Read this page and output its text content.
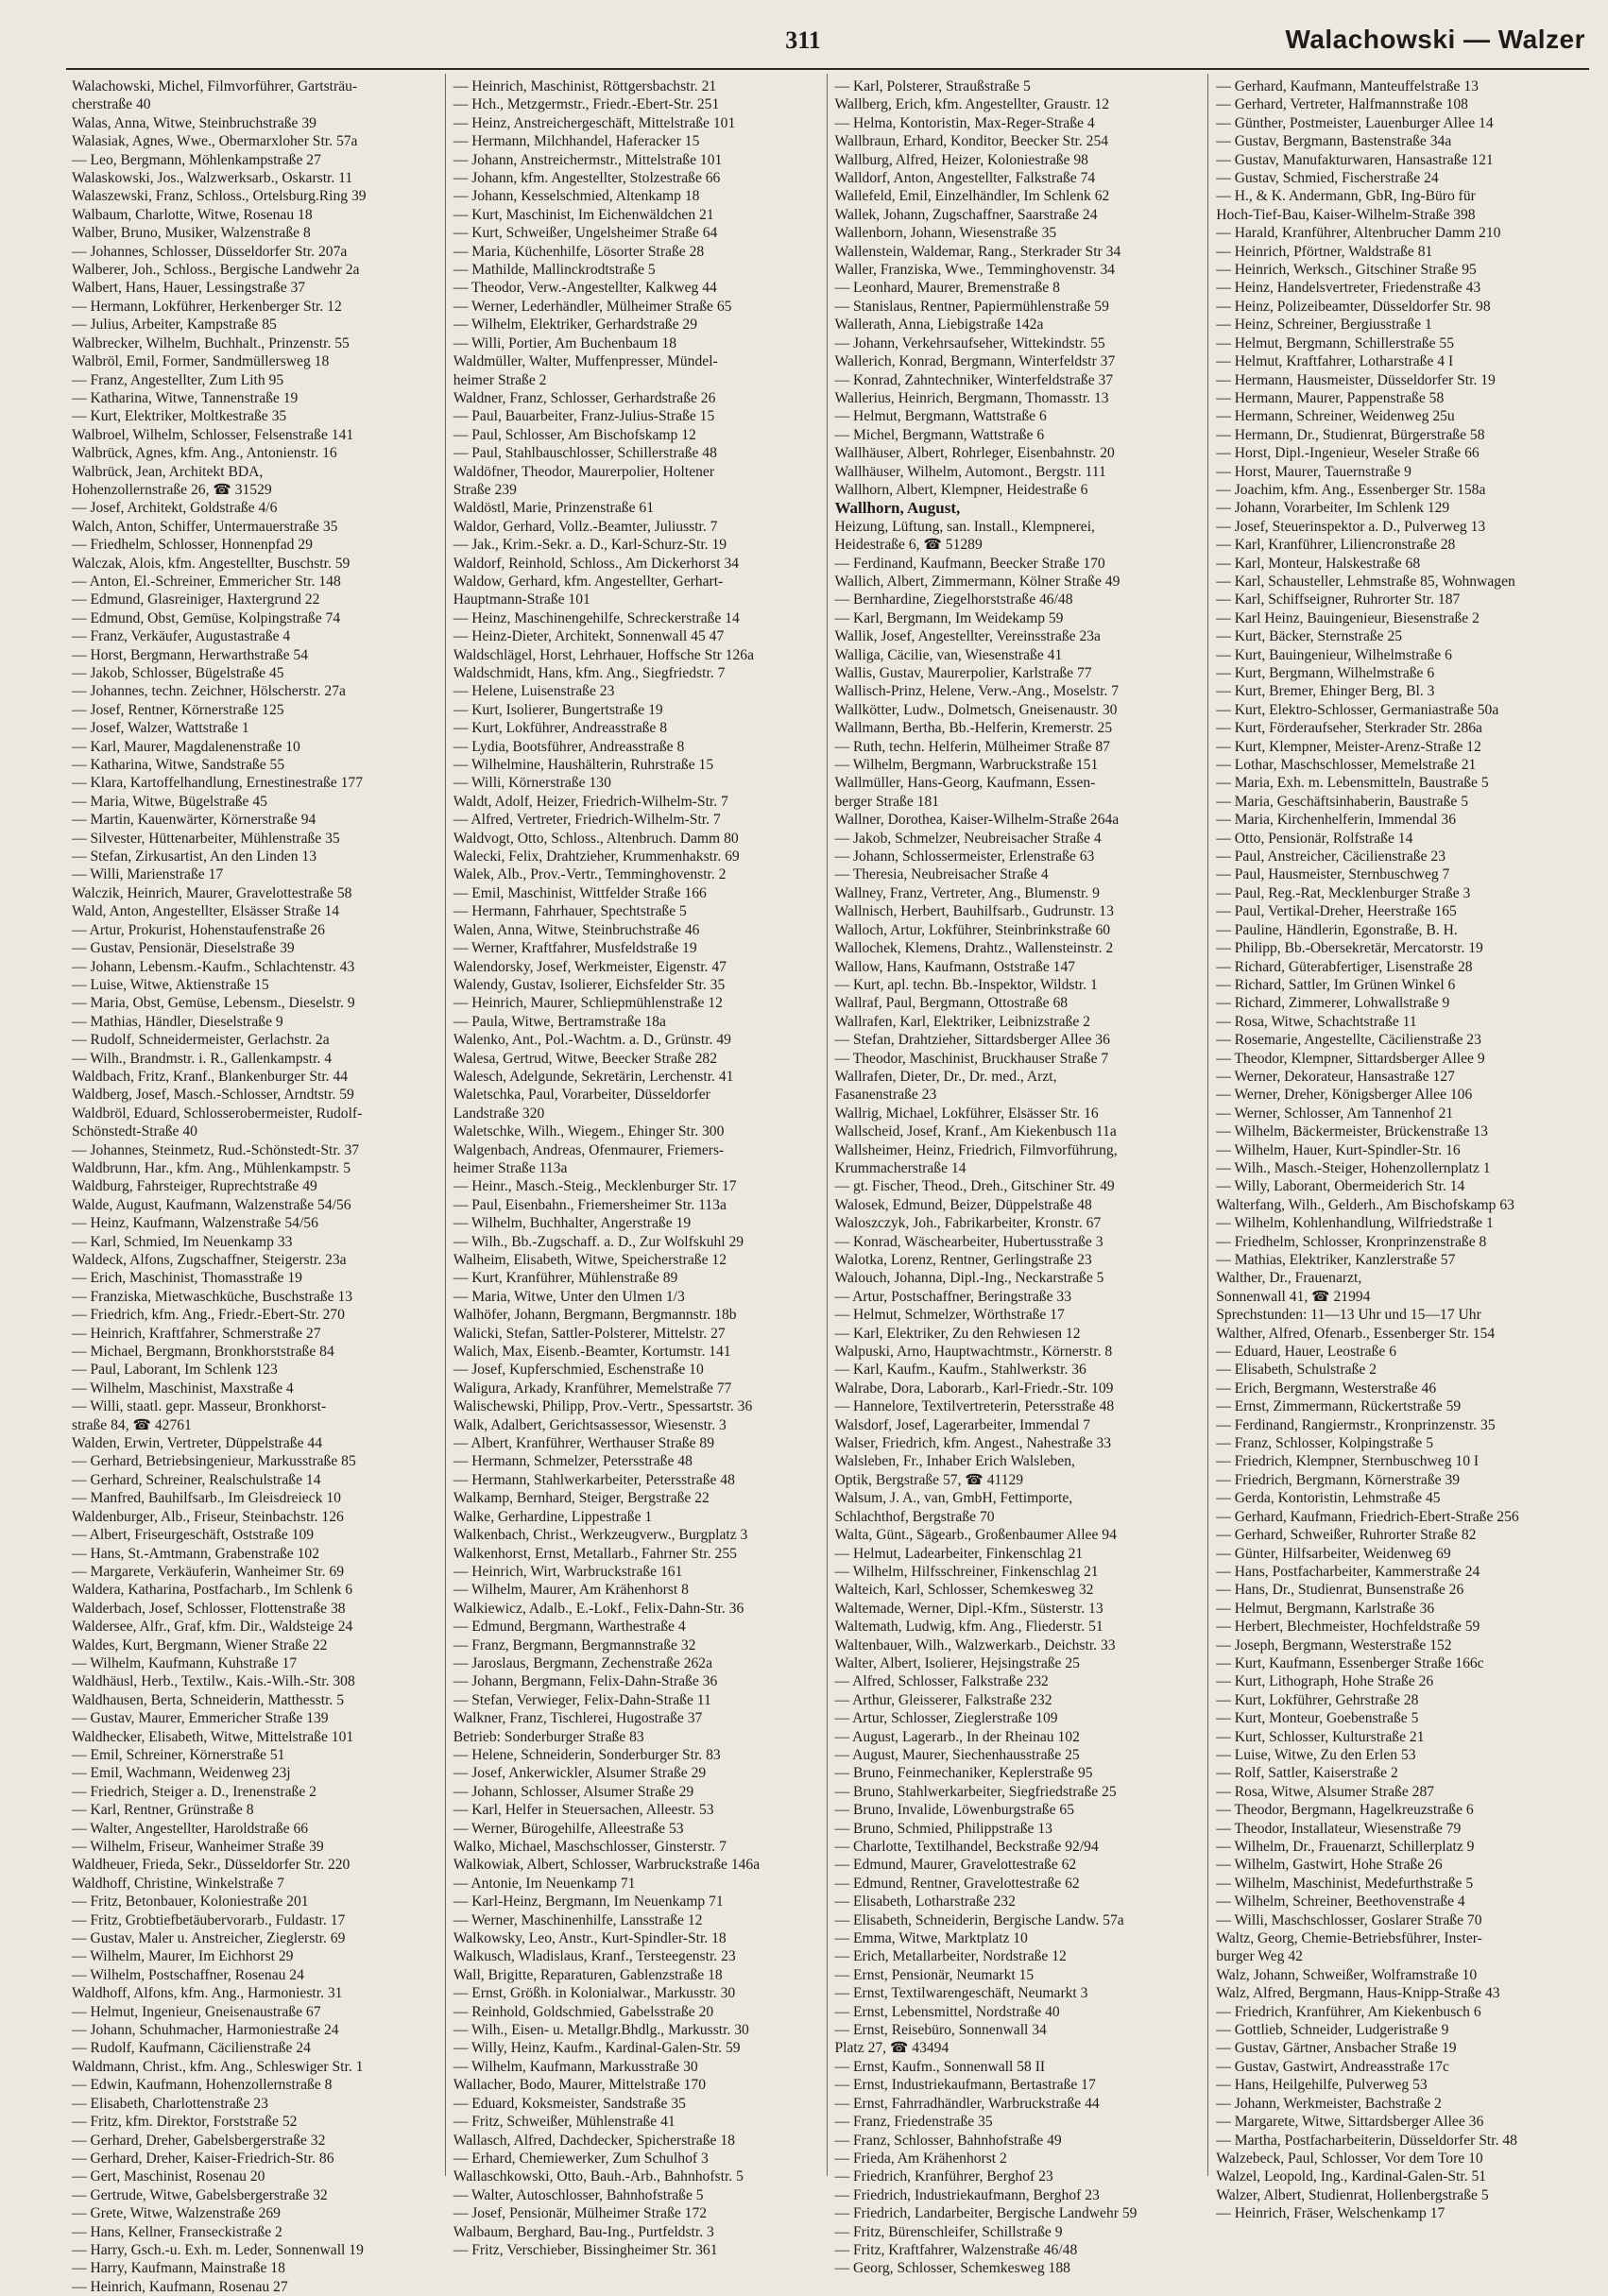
311	Walachowski — Walzer
Walachowski, Michel, Filmvorführer, Gartsträu-
cherstraße 40
Walas, Anna, Witwe, Steinbruchstraße 39
Walasiak, Agnes, Wwe., Obermarxloher Str. 57a
— Leo, Bergmann, Möhlenkampstraße 27
Walaskowski, Jos., Walzwerksarb., Oskarstr. 11
Walaszewski, Franz, Schloss., Ortelsburg.Ring 39
Walbaum, Charlotte, Witwe, Rosenau 18
Walber, Bruno, Musiker, Walzenstraße 8
— Johannes, Schlosser, Düsseldorfer Str. 207a
Walberer, Joh., Schloss., Bergische Landwehr 2a
Walbert, Hans, Hauer, Lessingstraße 37
— Hermann, Lokführer, Herkenberger Str. 12
— Julius, Arbeiter, Kampstraße 85
Walbrecker, Wilhelm, Buchhalt., Prinzenstr. 55
Walbröl, Emil, Former, Sandmüllersweg 18
— Franz, Angestellter, Zum Lith 95
— Katharina, Witwe, Tannenstraße 19
— Kurt, Elektriker, Moltkestraße 35
Walbroel, Wilhelm, Schlosser, Felsenstraße 141
Walbrück, Agnes, kfm. Ang., Antonienstr. 16
Walbrück, Jean, Architekt BDA,
Hohenzollernstraße 26, ☎ 31529
— Josef, Architekt, Goldstraße 4/6
Walch, Anton, Schiffer, Untermauerstraße 35
— Friedhelm, Schlosser, Honnenpfad 29
Walczak, Alois, kfm. Angestellter, Buschstr. 59
— Anton, El.-Schreiner, Emmericher Str. 148
— Edmund, Glasreiniger, Haxtergrund 22
— Edmund, Obst, Gemüse, Kolpingstraße 74
— Franz, Verkäufer, Augustastraße 4
— Horst, Bergmann, Herwarthstraße 54
— Jakob, Schlosser, Bügelstraße 45
— Johannes, techn. Zeichner, Hölscherstr. 27a
— Josef, Rentner, Körnerstraße 125
— Josef, Walzer, Wattstraße 1
— Karl, Maurer, Magdalenenstraße 10
— Katharina, Witwe, Sandstraße 55
— Klara, Kartoffelhandlung, Ernestinestraße 177
— Maria, Witwe, Bügelstraße 45
— Martin, Kauenwärter, Körnerstraße 94
— Silvester, Hüttenarbeiter, Mühlenstraße 35
— Stefan, Zirkusartist, An den Linden 13
— Willi, Marienstraße 17
Walczik, Heinrich, Maurer, Gravelottestraße 58
Wald, Anton, Angestellter, Elsässer Straße 14
— Artur, Prokurist, Hohenstaufenstraße 26
— Gustav, Pensionär, Dieselstraße 39
— Johann, Lebensm.-Kaufm., Schlachtenstr. 43
— Luise, Witwe, Aktienstraße 15
— Maria, Obst, Gemüse, Lebensm., Dieselstr. 9
— Mathias, Händler, Dieselstraße 9
— Rudolf, Schneidermeister, Gerlachstr. 2a
— Wilh., Brandmstr. i. R., Gallenkampstr. 4
Waldbach, Fritz, Kranf., Blankenburger Str. 44
Waldberg, Josef, Masch.-Schlosser, Arndtstr. 59
Waldbröl, Eduard, Schlosserobermeister, Rudolf-
Schönstedt-Straße 40
— Johannes, Steinmetz, Rud.-Schönstedt-Str. 37
Waldbrunn, Har., kfm. Ang., Mühlenkampstr. 5
Waldburg, Fahrsteiger, Ruprechtstraße 49
Walde, August, Kaufmann, Walzenstraße 54/56
— Heinz, Kaufmann, Walzenstraße 54/56
— Karl, Schmied, Im Neuenkamp 33
Waldeck, Alfons, Zugschaffner, Steigerstr. 23a
— Erich, Maschinist, Thomasstraße 19
— Franziska, Mietwaschküche, Buschstraße 13
— Friedrich, kfm. Ang., Friedr.-Ebert-Str. 270
— Heinrich, Kraftfahrer, Schmerstraße 27
— Michael, Bergmann, Bronkhorststraße 84
— Paul, Laborant, Im Schlenk 123
— Wilhelm, Maschinist, Maxstraße 4
— Willi, staatl. gepr. Masseur, Bronkhorst-
straße 84, ☎ 42761
Walden, Erwin, Vertreter, Düppelstraße 44
— Gerhard, Betriebsingenieur, Markusstraße 85
— Gerhard, Schreiner, Realschulstraße 14
— Manfred, Bauhilfsarb., Im Gleisdreieck 10
Waldenburger, Alb., Friseur, Steinbachstr. 126
— Albert, Friseurgeschäft, Oststraße 109
— Hans, St.-Amtmann, Grabenstraße 102
— Margarete, Verkäuferin, Wanheimer Str. 69
Waldera, Katharina, Postfacharb., Im Schlenk 6
Walderbach, Josef, Schlosser, Flottenstraße 38
Waldersee, Alfr., Graf, kfm. Dir., Waldsteige 24
Waldes, Kurt, Bergmann, Wiener Straße 22
— Wilhelm, Kaufmann, Kuhstraße 17
Waldhäusl, Herb., Textilw., Kais.-Wilh.-Str. 308
Waldhausen, Berta, Schneiderin, Matthesstr. 5
— Gustav, Maurer, Emmericher Straße 139
Waldhecker, Elisabeth, Witwe, Mittelstraße 101
— Emil, Schreiner, Körnerstraße 51
— Emil, Wachmann, Weidenweg 23j
— Friedrich, Steiger a. D., Irenenstraße 2
— Karl, Rentner, Grünstraße 8
— Walter, Angestellter, Haroldstraße 66
— Wilhelm, Friseur, Wanheimer Straße 39
Waldheuer, Frieda, Sekr., Düsseldorfer Str. 220
Waldhoff, Christine, Winkelstraße 7
— Fritz, Betonbauer, Koloniestraße 201
— Fritz, Grobtiefbetäubervorarb., Fuldastr. 17
— Gustav, Maler u. Anstreicher, Zieglerstr. 69
— Wilhelm, Maurer, Im Eichhorst 29
— Wilhelm, Postschaffner, Rosenau 24
Waldhoff, Alfons, kfm. Ang., Harmoniestr. 31
— Helmut, Ingenieur, Gneisenaustraße 67
— Johann, Schuhmacher, Harmoniestraße 24
— Rudolf, Kaufmann, Cäcilienstraße 24
Waldmann, Christ., kfm. Ang., Schleswiger Str. 1
— Edwin, Kaufmann, Hohenzollernstraße 8
— Elisabeth, Charlottenstraße 23
— Fritz, kfm. Direktor, Forststraße 52
— Gerhard, Dreher, Gabelsbergerstraße 32
— Gerhard, Dreher, Kaiser-Friedrich-Str. 86
— Gert, Maschinist, Rosenau 20
— Gertrude, Witwe, Gabelsbergerstraße 32
— Grete, Witwe, Walzenstraße 269
— Hans, Kellner, Franseckistraße 2
— Harry, Gsch.-u. Exh. m. Leder, Sonnenwall 19
— Harry, Kaufmann, Mainstraße 18
— Heinrich, Kaufmann, Rosenau 27
— Heinrich, Maschinist, Röttgersbachstr. 21
— Hch., Metzgermstr., Friedr.-Ebert-Str. 251
— Heinz, Anstreichergeschäft, Mittelstraße 101
— Hermann, Milchhandel, Haferacker 15
— Johann, Anstreichermstr., Mittelstraße 101
— Johann, kfm. Angestellter, Stolzestraße 66
— Johann, Kesselschmied, Altenkamp 18
— Kurt, Maschinist, Im Eichenwäldchen 21
— Kurt, Schweißer, Ungelsheimer Straße 64
— Maria, Küchenhilfe, Lösorter Straße 28
— Mathilde, Mallinckrodtstraße 5
— Theodor, Verw.-Angestellter, Kalkweg 44
— Werner, Lederhändler, Mülheimer Straße 65
— Wilhelm, Elektriker, Gerhardstraße 29
— Willi, Portier, Am Buchenbaum 18
Waldmüller, Walter, Muffenpresser, Mündel-
heimer Straße 2
Waldner, Franz, Schlosser, Gerhardstraße 26
— Paul, Bauarbeiter, Franz-Julius-Straße 15
— Paul, Schlosser, Am Bischofskamp 12
— Paul, Stahlbauschlosser, Schillerstraße 48
Waldöfner, Theodor, Maurerpolier, Holtener
Straße 239
Waldöstl, Marie, Prinzenstraße 61
Waldor, Gerhard, Vollz.-Beamter, Juliusstr. 7
— Jak., Krim.-Sekr. a. D., Karl-Schurz-Str. 19
Waldorf, Reinhold, Schloss., Am Dickerhorst 34
Waldow, Gerhard, kfm. Angestellter, Gerhart-
Hauptmann-Straße 101
— Heinz, Maschinengehilfe, Schreckerstraße 14
— Heinz-Dieter, Architekt, Sonnenwall 45 47
Waldschlägel, Horst, Lehrhauer, Hoffsche Str 126a
Waldschmidt, Hans, kfm. Ang., Siegfriedstr. 7
— Helene, Luisenstraße 23
— Kurt, Isolierer, Bungertstraße 19
— Kurt, Lokführer, Andreasstraße 8
— Lydia, Bootsführer, Andreasstraße 8
— Wilhelmine, Haushälterin, Ruhrstraße 15
— Willi, Körnerstraße 130
Waldt, Adolf, Heizer, Friedrich-Wilhelm-Str. 7
— Alfred, Vertreter, Friedrich-Wilhelm-Str. 7
Waldvogt, Otto, Schloss., Altenbruch. Damm 80
Walecki, Felix, Drahtzieher, Krummenhakstr. 69
Walek, Alb., Prov.-Vertr., Temminghovenstr. 2
— Emil, Maschinist, Wittfelder Straße 166
— Hermann, Fahrhauer, Spechtstraße 5
Walen, Anna, Witwe, Steinbruchstraße 46
— Werner, Kraftfahrer, Musfeldstraße 19
Walendorsky, Josef, Werkmeister, Eigenstr. 47
Walendy, Gustav, Isolierer, Eichsfelder Str. 35
— Heinrich, Maurer, Schliepmühlenstraße 12
— Paula, Witwe, Bertramstraße 18a
Walenko, Ant., Pol.-Wachtm. a. D., Grünstr. 49
Walesa, Gertrud, Witwe, Beecker Straße 282
Walesch, Adelgunde, Sekretärin, Lerchenstr. 41
Waletschka, Paul, Vorarbeiter, Düsseldorfer
Landstraße 320
Waletschke, Wilh., Wiegem., Ehinger Str. 300
Walgenbach, Andreas, Ofenmaurer, Friemers-
heimer Straße 113a
— Heinr., Masch.-Steig., Mecklenburger Str. 17
— Paul, Eisenbahn., Friemersheimer Str. 113a
— Wilhelm, Buchhalter, Angerstraße 19
— Wilh., Bb.-Zugschaff. a. D., Zur Wolfskuhl 29
Walheim, Elisabeth, Witwe, Speicherstraße 12
— Kurt, Kranführer, Mühlenstraße 89
— Maria, Witwe, Unter den Ulmen 1/3
Walhöfer, Johann, Bergmann, Bergmannstr. 18b
Walicki, Stefan, Sattler-Polsterer, Mittelstr. 27
Walich, Max, Eisenb.-Beamter, Kortumstr. 141
— Josef, Kupferschmied, Eschenstraße 10
Waligura, Arkady, Kranführer, Memelstraße 77
Walischewski, Philipp, Prov.-Vertr., Spessartstr. 36
Walk, Adalbert, Gerichtsassessor, Wiesenstr. 3
— Albert, Kranführer, Werthauser Straße 89
— Hermann, Schmelzer, Petersstraße 48
— Hermann, Stahlwerkarbeiter, Petersstraße 48
Walkamp, Bernhard, Steiger, Bergstraße 22
Walke, Gerhardine, Lippestraße 1
Walkenbach, Christ., Werkzeugverw., Burgplatz 3
Walkenhorst, Ernst, Metallarb., Fahrner Str. 255
— Heinrich, Wirt, Warbruckstraße 161
— Wilhelm, Maurer, Am Krähenhorst 8
Walkiewicz, Adalb., E.-Lokf., Felix-Dahn-Str. 36
— Edmund, Bergmann, Warthestraße 4
— Franz, Bergmann, Bergmannstraße 32
— Jaroslaus, Bergmann, Zechenstraße 262a
— Johann, Bergmann, Felix-Dahn-Straße 36
— Stefan, Verwieger, Felix-Dahn-Straße 11
Walkner, Franz, Tischlerei, Hugostraße 37
Betrieb: Sonderburger Straße 83
— Helene, Schneiderin, Sonderburger Str. 83
— Josef, Ankerwickler, Alsumer Straße 29
— Johann, Schlosser, Alsumer Straße 29
— Karl, Helfer in Steuersachen, Alleestr. 53
— Werner, Bürogehilfe, Alleestraße 53
Walko, Michael, Maschschlosser, Ginsterstr. 7
Walkowiak, Albert, Schlosser, Warbruckstraße 146a
— Antonie, Im Neuenkamp 71
— Karl-Heinz, Bergmann, Im Neuenkamp 71
— Werner, Maschinenhilfe, Lansstraße 12
Walkowsky, Leo, Anstr., Kurt-Spindler-Str. 18
Walkusch, Wladislaus, Kranf., Tersteegenstr. 23
Wall, Brigitte, Reparaturen, Gablenzstraße 18
— Ernst, Größh. in Kolonialwar., Markusstr. 30
— Reinhold, Goldschmied, Gabelsstraße 20
— Wilh., Eisen- u. Metallgr.Bhdlg., Markusstr. 30
— Willy, Heinz, Kaufm., Kardinal-Galen-Str. 59
— Wilhelm, Kaufmann, Markusstraße 30
Wallacher, Bodo, Maurer, Mittelstraße 170
— Eduard, Koksmeister, Sandstraße 35
— Fritz, Schweißer, Mühlenstraße 41
Wallasch, Alfred, Dachdecker, Spicherstraße 18
— Erhard, Chemiewerker, Zum Schulhof 3
Wallaschkowski, Otto, Bauh.-Arb., Bahnhofstr. 5
— Walter, Autoschlosser, Bahnhofstraße 5
— Josef, Pensionär, Mülheimer Straße 172
Walbaum, Berghard, Bau-Ing., Purtfeldstr. 3
— Fritz, Verschieber, Bissingheimer Str. 361
— Karl, Polsterer, Straußstraße 5
Wallberg, Erich, kfm. Angestellter, Graustr. 12
— Helma, Kontoristin, Max-Reger-Straße 4
Wallbraun, Erhard, Konditor, Beecker Str. 254
Wallburg, Alfred, Heizer, Koloniestraße 98
Walldorf, Anton, Angestellter, Falkstraße 74
Wallefeld, Emil, Einzelhändler, Im Schlenk 62
Wallek, Johann, Zugschaffner, Saarstraße 24
Wallenborn, Johann, Wiesenstraße 35
Wallenstein, Waldemar, Rang., Sterkrader Str 34
Waller, Franziska, Wwe., Temminghovenstr. 34
— Leonhard, Maurer, Bremenstraße 8
— Stanislaus, Rentner, Papiermühlenstraße 59
Wallerath, Anna, Liebigstraße 142a
— Johann, Verkehrsaufseher, Wittekindstr. 55
Wallerich, Konrad, Bergmann, Winterfeldstr 37
— Konrad, Zahntechniker, Winterfeldstraße 37
Wallerius, Heinrich, Bergmann, Thomasstr. 13
— Helmut, Bergmann, Wattstraße 6
— Michel, Bergmann, Wattstraße 6
Wallhäuser, Albert, Rohrleger, Eisenbahnstr. 20
Wallhäuser, Wilhelm, Automont., Bergstr. 111
Wallhorn, Albert, Klempner, Heidestraße 6
Wallhorn, August,
Heizung, Lüftung, san. Install., Klempnerei,
Heidestraße 6, ☎ 51289
— Ferdinand, Kaufmann, Beecker Straße 170
Wallich, Albert, Zimmermann, Kölner Straße 49
— Bernhardine, Ziegelhorststraße 46/48
— Karl, Bergmann, Im Weidekamp 59
Wallik, Josef, Angestellter, Vereinsstraße 23a
Walliga, Cäcilie, van, Wiesenstraße 41
Wallis, Gustav, Maurerpolier, Karlstraße 77
Wallisch-Prinz, Helene, Verw.-Ang., Moselstr. 7
Wallkötter, Ludw., Dolmetsch, Gneisenaustr. 30
Wallmann, Bertha, Bb.-Helferin, Kremerstr. 25
— Ruth, techn. Helferin, Mülheimer Straße 87
— Wilhelm, Bergmann, Warbruckstraße 151
Wallmüller, Hans-Georg, Kaufmann, Essen-
berger Straße 181
Wallner, Dorothea, Kaiser-Wilhelm-Straße 264a
— Jakob, Schmelzer, Neubreisacher Straße 4
— Johann, Schlossermeister, Erlenstraße 63
— Theresia, Neubreisacher Straße 4
Wallney, Franz, Vertreter, Ang., Blumenstr. 9
Wallnisch, Herbert, Bauhilfsarb., Gudrunstr. 13
Walloch, Artur, Lokführer, Steinbrinkstraße 60
Wallochek, Klemens, Drahtz., Wallensteinstr. 2
Wallow, Hans, Kaufmann, Oststraße 147
— Kurt, apl. techn. Bb.-Inspektor, Wildstr. 1
Wallraf, Paul, Bergmann, Ottostraße 68
Wallrafen, Karl, Elektriker, Leibnizstraße 2
— Stefan, Drahtzieher, Sittardsberger Allee 36
— Theodor, Maschinist, Bruckhauser Straße 7
Wallrafen, Dieter, Dr., Dr. med., Arzt,
Fasanenstraße 23
Wallrig, Michael, Lokführer, Elsässer Str. 16
Wallscheid, Josef, Kranf., Am Kiekenbusch 11a
Wallsheimer, Heinz, Friedrich, Filmvorführung,
Krummacherstraße 14
— gt. Fischer, Theod., Dreh., Gitschiner Str. 49
Walosek, Edmund, Beizer, Düppelstraße 48
Waloszczyk, Joh., Fabrikarbeiter, Kronstr. 67
— Konrad, Wäschearbeiter, Hubertusstraße 3
Walotka, Lorenz, Rentner, Gerlingstraße 23
Walouch, Johanna, Dipl.-Ing., Neckarstraße 5
— Artur, Postschaffner, Beringstraße 33
— Helmut, Schmelzer, Wörthstraße 17
— Karl, Elektriker, Zu den Rehwiesen 12
Walpuski, Arno, Hauptwachtmstr., Körnerstr. 8
— Karl, Kaufm., Kaufm., Stahlwerkstr. 36
Walrabe, Dora, Laborarb., Karl-Friedr.-Str. 109
— Hannelore, Textilvertreterin, Petersstraße 48
Walsdorf, Josef, Lagerarbeiter, Immendal 7
Walser, Friedrich, kfm. Angest., Nahestraße 33
Walsleben, Fr., Inhaber Erich Walsleben,
Optik, Bergstraße 57, ☎ 41129
Walsum, J. A., van, GmbH, Fettimporte,
Schlachthof, Bergstraße 70
Walta, Günt., Sägearb., Großenbaumer Allee 94
— Helmut, Ladearbeiter, Finkenschlag 21
— Wilhelm, Hilfsschreiner, Finkenschlag 21
Walteich, Karl, Schlosser, Schemkesweg 32
Waltemade, Werner, Dipl.-Kfm., Süsterstr. 13
Waltemath, Ludwig, kfm. Ang., Fliederstr. 51
Waltenbauer, Wilh., Walzwerkarb., Deichstr. 33
Walter, Albert, Isolierer, Hejsingstraße 25
— Alfred, Schlosser, Falkstraße 232
— Arthur, Gleisserer, Falkstraße 232
— Artur, Schlosser, Zieglerstraße 109
— August, Lagerarb., In der Rheinau 102
— August, Maurer, Siechenhausstraße 25
— Bruno, Feinmechaniker, Keplerstraße 95
— Bruno, Stahlwerkarbeiter, Siegfriedstraße 25
— Bruno, Invalide, Löwenburgstraße 65
— Bruno, Schmied, Philippstraße 13
— Charlotte, Textilhandel, Beckstraße 92/94
— Edmund, Maurer, Gravelottestraße 62
— Edmund, Rentner, Gravelottestraße 62
— Elisabeth, Lotharstraße 232
— Elisabeth, Schneiderin, Bergische Landw. 57a
— Emma, Witwe, Marktplatz 10
— Erich, Metallarbeiter, Nordstraße 12
— Ernst, Pensionär, Neumarkt 15
— Ernst, Textilwarengeschäft, Neumarkt 3
— Ernst, Lebensmittel, Nordstraße 40
— Ernst, Reisebüro, Sonnenwall 34
Platz 27, ☎ 43494
— Ernst, Kaufm., Sonnenwall 58 II
— Ernst, Industriekaufmann, Bertastraße 17
— Ernst, Fahrradhändler, Warbruckstraße 44
— Franz, Friedenstraße 35
— Franz, Schlosser, Bahnhofstraße 49
— Frieda, Am Krähenhorst 2
— Friedrich, Kranführer, Berghof 23
— Friedrich, Industriekaufmann, Berghof 23
— Friedrich, Landarbeiter, Bergische Landwehr 59
— Fritz, Bürenschleifer, Schillstraße 9
— Fritz, Kraftfahrer, Walzenstraße 46/48
— Georg, Schlosser, Schemkesweg 188
— Gerhard, Kaufmann, Manteuffelstraße 13
— Gerhard, Vertreter, Halfmannstraße 108
— Günther, Postmeister, Lauenburger Allee 14
— Gustav, Bergmann, Bastenstraße 34a
— Gustav, Manufakturwaren, Hansastraße 121
— Gustav, Schmied, Fischerstraße 24
— H., & K. Andermann, GbR, Ing-Büro für
Hoch-Tief-Bau, Kaiser-Wilhelm-Straße 398
— Harald, Kranführer, Altenbrucher Damm 210
— Heinrich, Pförtner, Waldstraße 81
— Heinrich, Werksch., Gitschiner Straße 95
— Heinz, Handelsvertreter, Friedenstraße 43
— Heinz, Polizeibeamter, Düsseldorfer Str. 98
— Heinz, Schreiner, Bergiusstraße 1
— Helmut, Bergmann, Schillerstraße 55
— Helmut, Kraftfahrer, Lotharstraße 4 I
— Hermann, Hausmeister, Düsseldorfer Str. 19
— Hermann, Maurer, Pappenstraße 58
— Hermann, Schreiner, Weidenweg 25u
— Hermann, Dr., Studienrat, Bürgerstraße 58
— Horst, Dipl.-Ingenieur, Weseler Straße 66
— Horst, Maurer, Tauernstraße 9
— Joachim, kfm. Ang., Essenberger Str. 158a
— Johann, Vorarbeiter, Im Schlenk 129
— Josef, Steuerinspektor a. D., Pulverweg 13
— Karl, Kranführer, Liliencronstraße 28
— Karl, Monteur, Halskestraße 68
— Karl, Schausteller, Lehmstraße 85, Wohnwagen
— Karl, Schiffseigner, Ruhrorter Str. 187
— Karl Heinz, Bauingenieur, Biesenstraße 2
— Kurt, Bäcker, Sternstraße 25
— Kurt, Bauingenieur, Wilhelmstraße 6
— Kurt, Bergmann, Wilhelmstraße 6
— Kurt, Bremer, Ehinger Berg, Bl. 3
— Kurt, Elektro-Schlosser, Germaniastraße 50a
— Kurt, Förderaufseher, Sterkrader Str. 286a
— Kurt, Klempner, Meister-Arenz-Straße 12
— Lothar, Maschschlosser, Memelstraße 21
— Maria, Exh. m. Lebensmitteln, Baustraße 5
— Maria, Geschäftsinhaberin, Baustraße 5
— Maria, Kirchenhelferin, Immendal 36
— Otto, Pensionär, Rolfstraße 14
— Paul, Anstreicher, Cäcilienstraße 23
— Paul, Hausmeister, Sternbuschweg 7
— Paul, Reg.-Rat, Mecklenburger Straße 3
— Paul, Vertikal-Dreher, Heerstraße 165
— Pauline, Händlerin, Egonstraße, B. H.
— Philipp, Bb.-Obersekretär, Mercatorstr. 19
— Richard, Güterabfertiger, Lisenstraße 28
— Richard, Sattler, Im Grünen Winkel 6
— Richard, Zimmerer, Lohwallstraße 9
— Rosa, Witwe, Schachtstraße 11
— Rosemarie, Angestellte, Cäcilienstraße 23
— Theodor, Klempner, Sittardsberger Allee 9
— Werner, Dekorateur, Hansastraße 127
— Werner, Dreher, Königsberger Allee 106
— Werner, Schlosser, Am Tannenhof 21
— Wilhelm, Bäckermeister, Brückenstraße 13
— Wilhelm, Hauer, Kurt-Spindler-Str. 16
— Wilh., Masch.-Steiger, Hohenzollernplatz 1
— Willy, Laborant, Obermeiderich Str. 14
Walterfang, Wilh., Gelderh., Am Bischofskamp 63
— Wilhelm, Kohlenhandlung, Wilfriedstraße 1
— Friedhelm, Schlosser, Kronprinzenstraße 8
— Mathias, Elektriker, Kanzlerstraße 57
Walther, Dr., Frauenarzt,
Sonnenwall 41, ☎ 21994
Sprechstunden: 11—13 Uhr und 15—17 Uhr
Walther, Alfred, Ofenarb., Essenberger Str. 154
— Eduard, Hauer, Leostraße 6
— Elisabeth, Schulstraße 2
— Erich, Bergmann, Westerstraße 46
— Ernst, Zimmermann, Rückertstraße 59
— Ferdinand, Rangiermstr., Kronprinzenstr. 35
— Franz, Schlosser, Kolpingstraße 5
— Friedrich, Klempner, Sternbuschweg 10 I
— Friedrich, Bergmann, Körnerstraße 39
— Gerda, Kontoristin, Lehmstraße 45
— Gerhard, Kaufmann, Friedrich-Ebert-Straße 256
— Gerhard, Schweißer, Ruhrorter Straße 82
— Günter, Hilfsarbeiter, Weidenweg 69
— Hans, Postfacharbeiter, Kammerstraße 24
— Hans, Dr., Studienrat, Bunsenstraße 26
— Helmut, Bergmann, Karlstraße 36
— Herbert, Blechmeister, Hochfeldstraße 59
— Joseph, Bergmann, Westerstraße 152
— Kurt, Kaufmann, Essenberger Straße 166c
— Kurt, Lithograph, Hohe Straße 26
— Kurt, Lokführer, Gehrstraße 28
— Kurt, Monteur, Goebenstraße 5
— Kurt, Schlosser, Kulturstraße 21
— Luise, Witwe, Zu den Erlen 53
— Rolf, Sattler, Kaiserstraße 2
— Rosa, Witwe, Alsumer Straße 287
— Theodor, Bergmann, Hagelkreuzstraße 6
— Theodor, Installateur, Wiesenstraße 79
— Wilhelm, Dr., Frauenarzt, Schillerplatz 9
— Wilhelm, Gastwirt, Hohe Straße 26
— Wilhelm, Maschinist, Medefurthstraße 5
— Wilhelm, Schreiner, Beethovenstraße 4
— Willi, Maschschlosser, Goslarer Straße 70
Waltz, Georg, Chemie-Betriebsführer, Inster-
burger Weg 42
Walz, Johann, Schweißer, Wolframstraße 10
Walz, Alfred, Bergmann, Haus-Knipp-Straße 43
— Friedrich, Kranführer, Am Kiekenbusch 6
— Gottlieb, Schneider, Ludgeristraße 9
— Gustav, Gärtner, Ansbacher Straße 19
— Gustav, Gastwirt, Andreasstraße 17c
— Hans, Heilgehilfe, Pulverweg 53
— Johann, Werkmeister, Bachstraße 2
— Margarete, Witwe, Sittardsberger Allee 36
— Martha, Postfacharbeiterin, Düsseldorfer Str. 48
Walzebeck, Paul, Schlosser, Vor dem Tore 10
Walzel, Leopold, Ing., Kardinal-Galen-Str. 51
Walzer, Albert, Studienrat, Hollenbergstraße 5
— Heinrich, Fräser, Welschenkamp 17
